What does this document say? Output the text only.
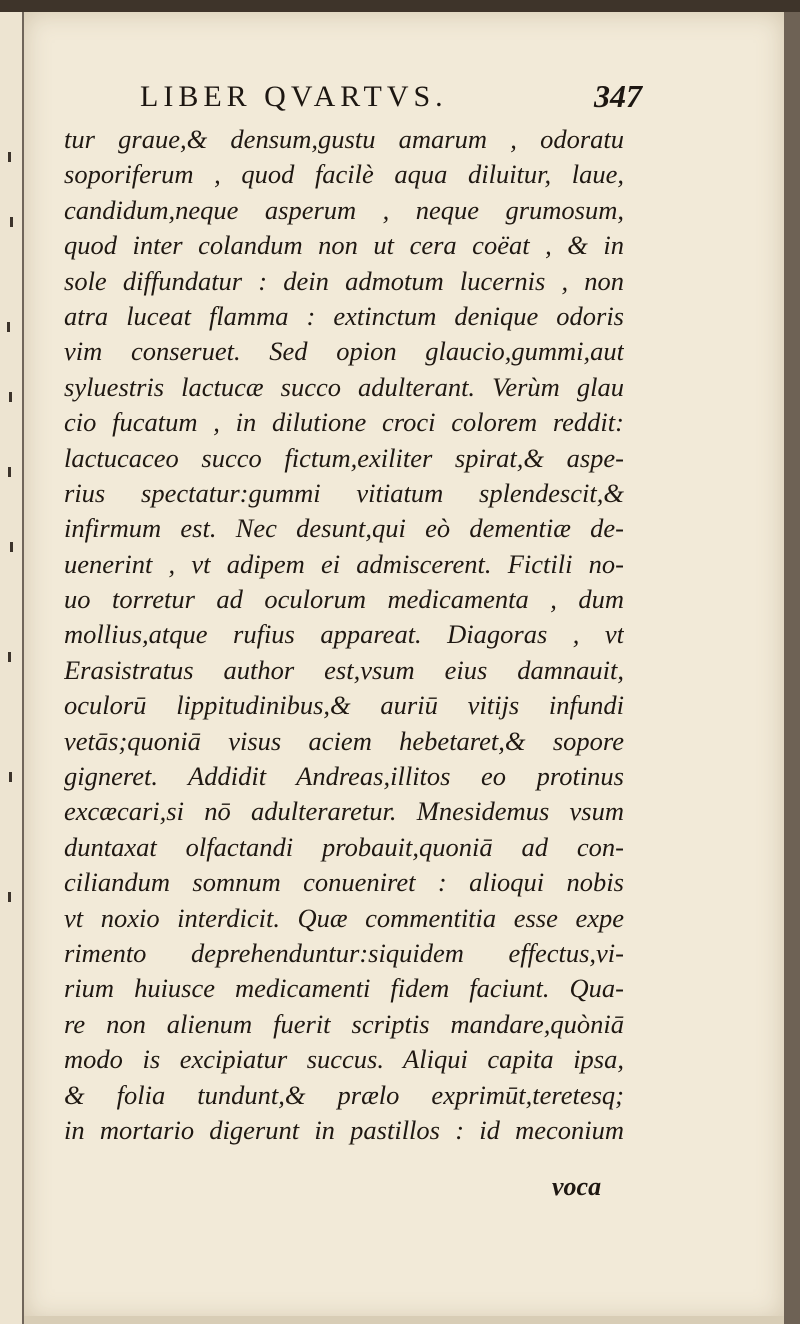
LIBER QVARTVS.	347
tur graue,& densum,gustu amarum , odoratu
soporiferum , quod facilè aqua diluitur, laue,
candidum,neque asperum , neque grumosum,
quod inter colandum non ut cera coëat , & in
sole diffundatur : dein admotum lucernis , non
atra luceat flamma : extinctum denique odoris
vim conseruet. Sed opion glaucio,gummi,aut
syluestris lactucæ succo adulterant. Verùm glau
cio fucatum , in dilutione croci colorem reddit:
lactucaceo succo fictum,exiliter spirat,& aspe-
rius spectatur:gummi vitiatum splendescit,&
infirmum est. Nec desunt,qui eò dementiæ de-
uenerint , vt adipem ei admiscerent. Fictili no-
uo torretur ad oculorum medicamenta , dum
mollius,atque rufius appareat. Diagoras , vt
Erasistratus author est,vsum eius damnauit,
oculorū lippitudinibus,& auriū vitijs infundi
vetās;quoniā visus aciem hebetaret,& sopore
gigneret. Addidit Andreas,illitos eo protinus
excæcari,si nō adulteraretur. Mnesidemus vsum
duntaxat olfactandi probauit,quoniā ad con-
ciliandum somnum conueniret : alioqui nobis
vt noxio interdicit. Quæ commentitia esse expe
rimento deprehenduntur:siquidem effectus,vi-
rium huiusce medicamenti fidem faciunt. Qua-
re non alienum fuerit scriptis mandare,quòniā
modo is excipiatur succus. Aliqui capita ipsa,
& folia tundunt,& prælo exprimūt,teretesq;
in mortario digerunt in pastillos : id meconium
voca
